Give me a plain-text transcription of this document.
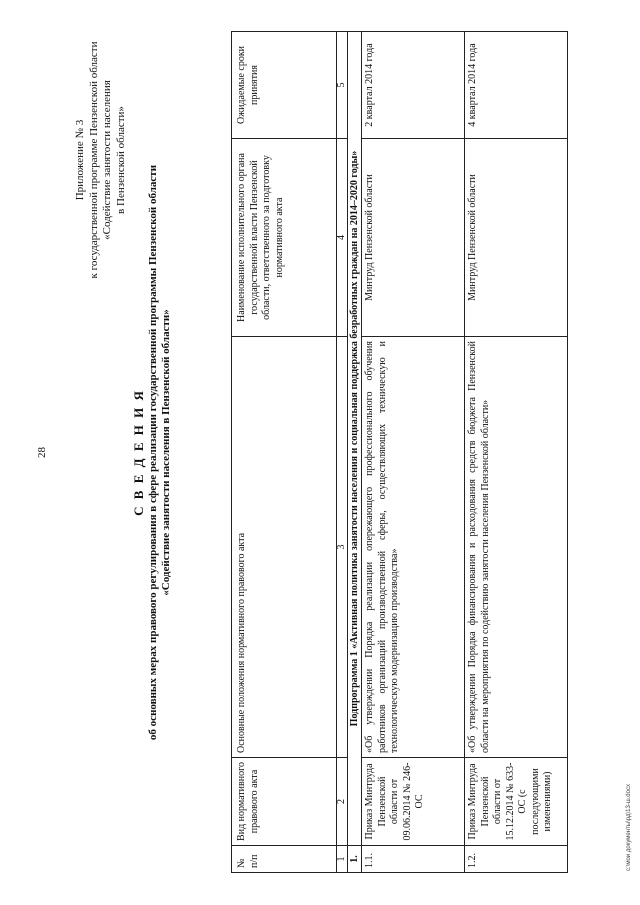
28
Приложение № 3 к государственной программе Пензенской области «Содействие занятости населения в Пензенской области»
С В Е Д Е Н И Я об основных мерах правового регулирования в сфере реализации государственной программы Пензенской области «Содействие занятости населения в Пензенской области»
№ п/п	Вид нормативного правового акта	Основные положения нормативного правового акта	Наименование исполнительного органа государственной власти Пензенской области, ответственного за подготовку нормативного акта	Ожидаемые сроки принятия
1	2	3	4	5
1.	Подпрограмма 1 «Активная политика занятости населения и социальная поддержка безработных граждан на 2014–2020 годы»			
1.1.	Приказ Минтруда Пензенской области от 09.06.2014 № 246-ОС	«Об утверждении Порядка реализации опережающего профессионального обучения работников организаций производственной сферы, осуществляющих техническую и технологическую модернизацию производства»	Минтруд Пензенской области	2 квартал 2014 года
1.2.	Приказ Минтруда Пензенской области от 15.12.2014 № 633-ОС (с последующими изменениями)	«Об утверждении Порядка финансирования и расходования средств бюджета Пензенской области на мероприятия по содействию занятости населения Пензенской области»	Минтруд Пензенской области	4 квартал 2014 года
c:\мои документы\рд\13-ш.docx
